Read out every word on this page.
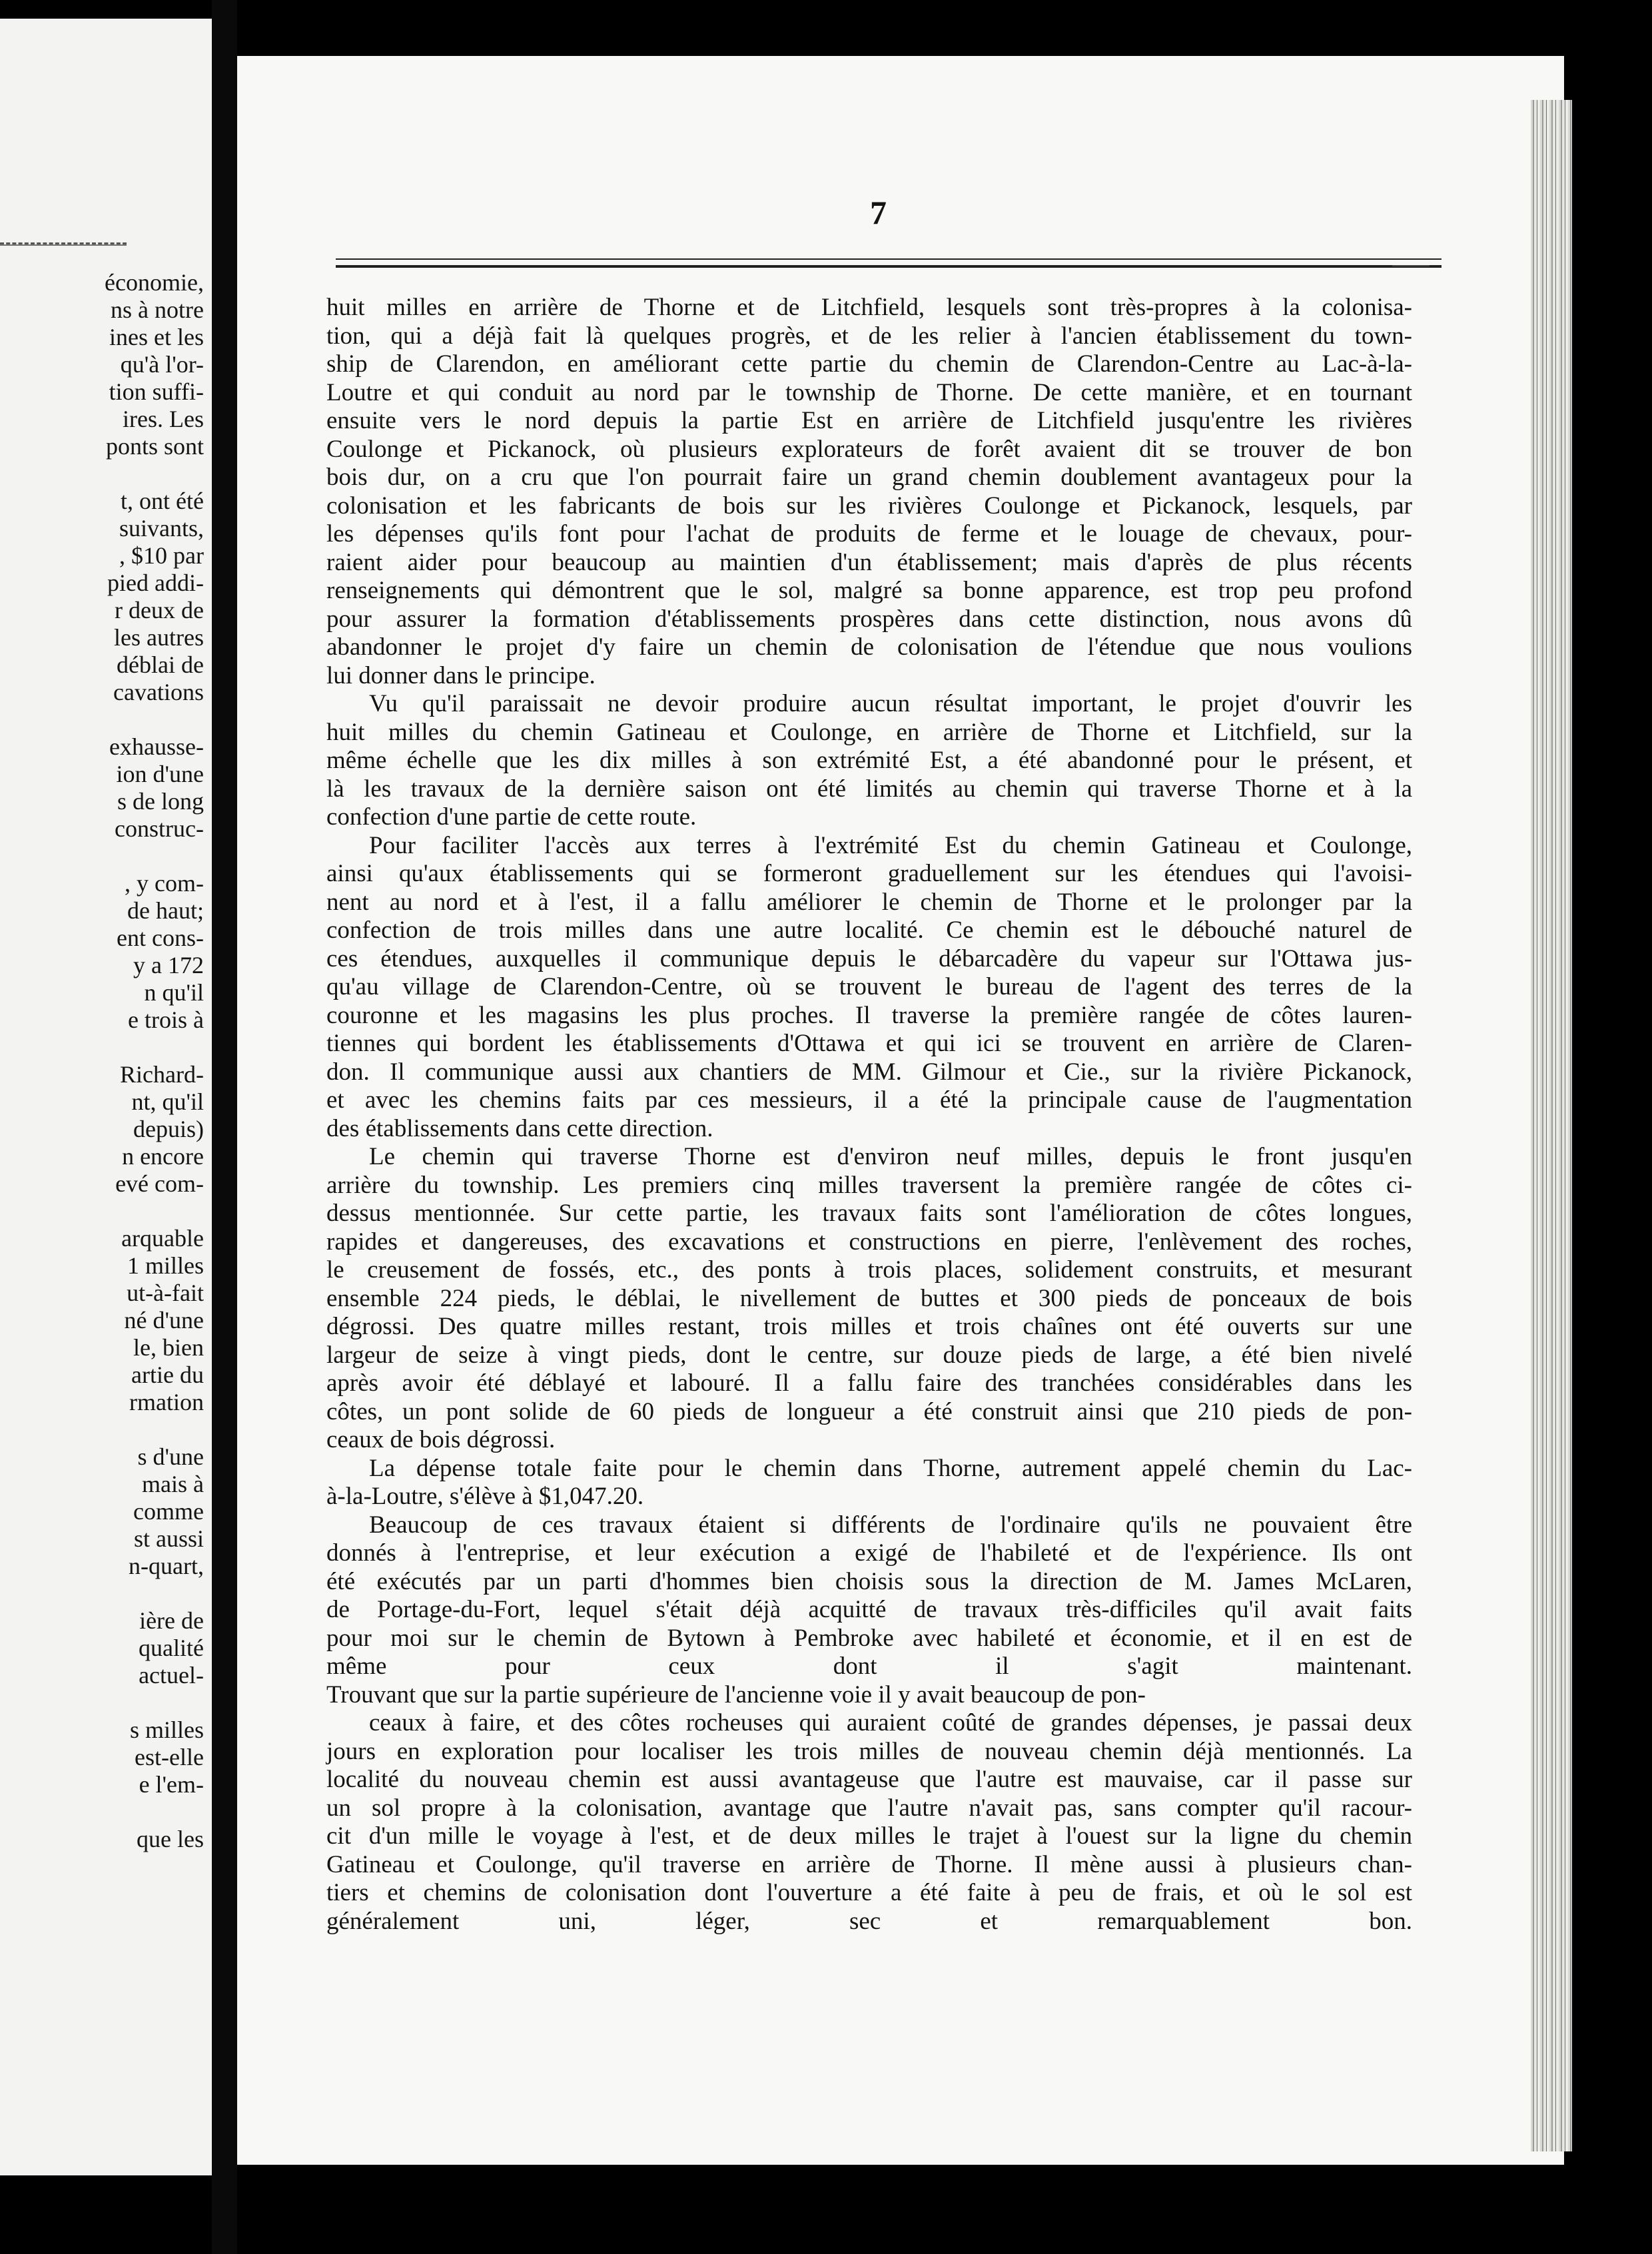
économie,
ns à notre
ines et les
qu'à l'or-
tion suffi-
ires. Les
ponts sont
t, ont été
suivants,
, $10 par
pied addi-
r deux de
les autres
déblai de
cavations
exhausse-
ion d'une
s de long
construc-
, y com-
de haut;
ent cons-
y a 172
n qu'il
e trois à
Richard-
nt, qu'il
depuis)
n encore
evé com-
arquable
1 milles
ut-à-fait
né d'une
le, bien
artie du
rmation
s d'une
mais à
comme
st aussi
n-quart,
ière de
qualité
actuel-
s milles
est-elle
e l'em-
que les
7
huit milles en arrière de Thorne et de Litchfield, lesquels sont très-propres à la colonisa-
tion, qui a déjà fait là quelques progrès, et de les relier à l'ancien établissement du town-
ship de Clarendon, en améliorant cette partie du chemin de Clarendon-Centre au Lac-à-la-
Loutre et qui conduit au nord par le township de Thorne. De cette manière, et en tournant
ensuite vers le nord depuis la partie Est en arrière de Litchfield jusqu'entre les rivières
Coulonge et Pickanock, où plusieurs explorateurs de forêt avaient dit se trouver de bon
bois dur, on a cru que l'on pourrait faire un grand chemin doublement avantageux pour la
colonisation et les fabricants de bois sur les rivières Coulonge et Pickanock, lesquels, par
les dépenses qu'ils font pour l'achat de produits de ferme et le louage de chevaux, pour-
raient aider pour beaucoup au maintien d'un établissement; mais d'après de plus récents
renseignements qui démontrent que le sol, malgré sa bonne apparence, est trop peu profond
pour assurer la formation d'établissements prospères dans cette distinction, nous avons dû
abandonner le projet d'y faire un chemin de colonisation de l'étendue que nous voulions
lui donner dans le principe.
Vu qu'il paraissait ne devoir produire aucun résultat important, le projet d'ouvrir les
huit milles du chemin Gatineau et Coulonge, en arrière de Thorne et Litchfield, sur la
même échelle que les dix milles à son extrémité Est, a été abandonné pour le présent, et
là les travaux de la dernière saison ont été limités au chemin qui traverse Thorne et à la
confection d'une partie de cette route.
Pour faciliter l'accès aux terres à l'extrémité Est du chemin Gatineau et Coulonge,
ainsi qu'aux établissements qui se formeront graduellement sur les étendues qui l'avoisi-
nent au nord et à l'est, il a fallu améliorer le chemin de Thorne et le prolonger par la
confection de trois milles dans une autre localité. Ce chemin est le débouché naturel de
ces étendues, auxquelles il communique depuis le débarcadère du vapeur sur l'Ottawa jus-
qu'au village de Clarendon-Centre, où se trouvent le bureau de l'agent des terres de la
couronne et les magasins les plus proches. Il traverse la première rangée de côtes lauren-
tiennes qui bordent les établissements d'Ottawa et qui ici se trouvent en arrière de Claren-
don. Il communique aussi aux chantiers de MM. Gilmour et Cie., sur la rivière Pickanock,
et avec les chemins faits par ces messieurs, il a été la principale cause de l'augmentation
des établissements dans cette direction.
Le chemin qui traverse Thorne est d'environ neuf milles, depuis le front jusqu'en
arrière du township. Les premiers cinq milles traversent la première rangée de côtes ci-
dessus mentionnée. Sur cette partie, les travaux faits sont l'amélioration de côtes longues,
rapides et dangereuses, des excavations et constructions en pierre, l'enlèvement des roches,
le creusement de fossés, etc., des ponts à trois places, solidement construits, et mesurant
ensemble 224 pieds, le déblai, le nivellement de buttes et 300 pieds de ponceaux de bois
dégrossi. Des quatre milles restant, trois milles et trois chaînes ont été ouverts sur une
largeur de seize à vingt pieds, dont le centre, sur douze pieds de large, a été bien nivelé
après avoir été déblayé et labouré. Il a fallu faire des tranchées considérables dans les
côtes, un pont solide de 60 pieds de longueur a été construit ainsi que 210 pieds de pon-
ceaux de bois dégrossi.
La dépense totale faite pour le chemin dans Thorne, autrement appelé chemin du Lac-
à-la-Loutre, s'élève à $1,047.20.
Beaucoup de ces travaux étaient si différents de l'ordinaire qu'ils ne pouvaient être
donnés à l'entreprise, et leur exécution a exigé de l'habileté et de l'expérience. Ils ont
été exécutés par un parti d'hommes bien choisis sous la direction de M. James McLaren,
de Portage-du-Fort, lequel s'était déjà acquitté de travaux très-difficiles qu'il avait faits
pour moi sur le chemin de Bytown à Pembroke avec habileté et économie, et il en est de
même pour ceux dont il s'agit maintenant.
Trouvant que sur la partie supérieure de l'ancienne voie il y avait beaucoup de pon-
ceaux à faire, et des côtes rocheuses qui auraient coûté de grandes dépenses, je passai deux
jours en exploration pour localiser les trois milles de nouveau chemin déjà mentionnés. La
localité du nouveau chemin est aussi avantageuse que l'autre est mauvaise, car il passe sur
un sol propre à la colonisation, avantage que l'autre n'avait pas, sans compter qu'il racour-
cit d'un mille le voyage à l'est, et de deux milles le trajet à l'ouest sur la ligne du chemin
Gatineau et Coulonge, qu'il traverse en arrière de Thorne. Il mène aussi à plusieurs chan-
tiers et chemins de colonisation dont l'ouverture a été faite à peu de frais, et où le sol est
généralement uni, léger, sec et remarquablement bon.
